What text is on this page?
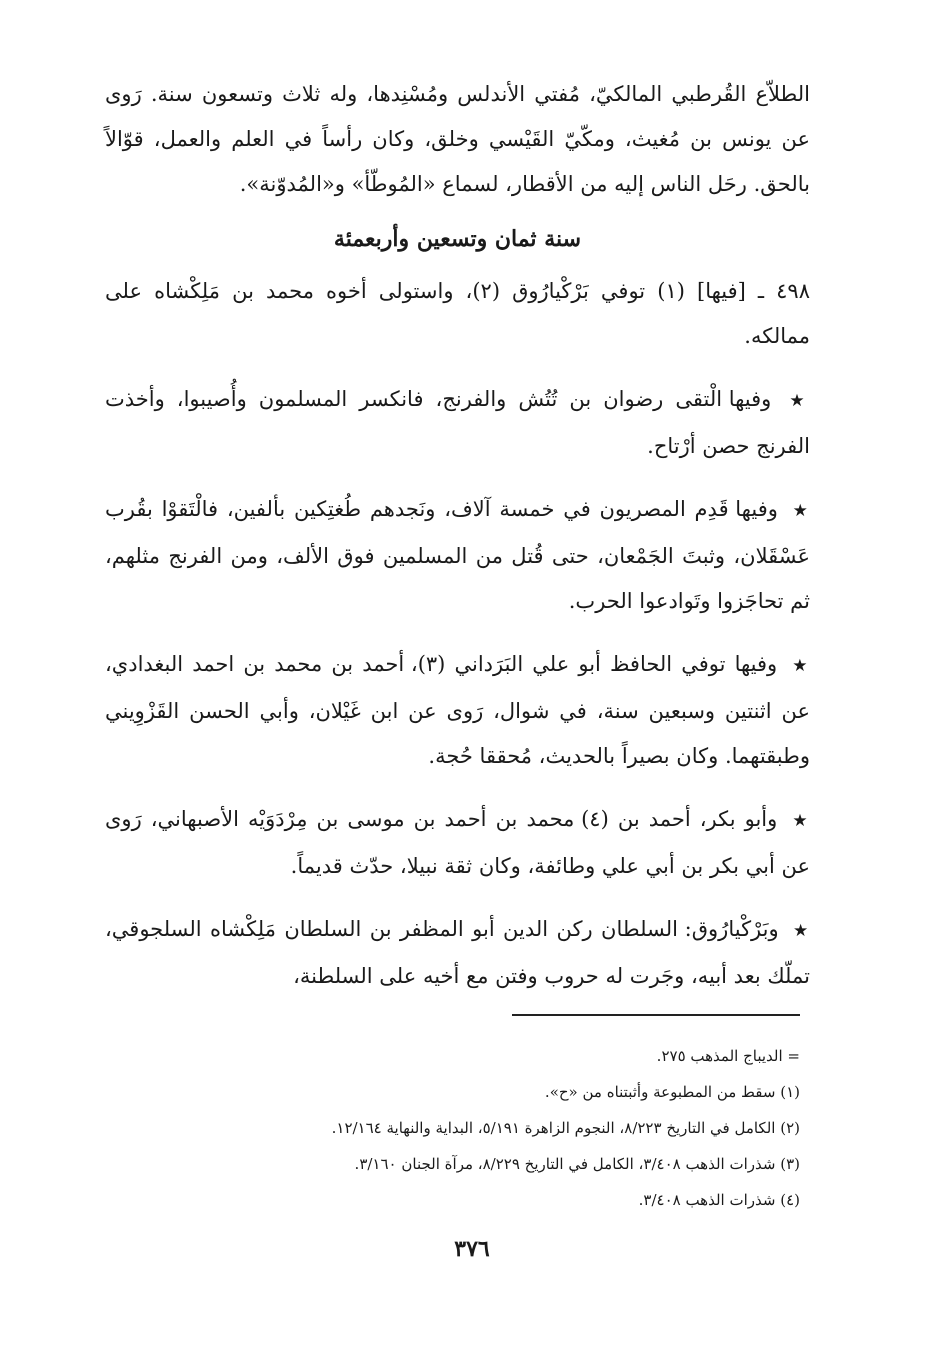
الطلاّع القُرطبي المالكيّ، مُفتي الأندلس ومُسْنِدها، وله ثلاث وتسعون سنة. رَوى عن يونس بن مُغيث، ومكّيّ القَيْسي وخلق، وكان رأساً في العلم والعمل، قوّالاً بالحق. رحَل الناس إليه من الأقطار، لسماع «المُوطّأ» و«المُدوّنة».

سنة ثمان وتسعين وأربعمئة

٤٩٨ ـ [فيها] (١) توفي بَرْكْيارُوق (٢)، واستولى أخوه محمد بن مَلِكْشاه على ممالكه.

★ وفيها الْتقى رضوان بن تُتُش والفرنج، فانكسر المسلمون وأُصيبوا، وأخذت الفرنج حصن أرْتاح.

★ وفيها قَدِم المصريون في خمسة آلاف، ونَجدهم طُغتِكين بألفين، فالْتَقوْا بقُرب عَسْقَلان، وثبتَ الجَمْعان، حتى قُتل من المسلمين فوق الألف، ومن الفرنج مثلهم، ثم تحاجَزوا وتَوادعوا الحرب.

★ وفيها توفي الحافظ أبو علي البَرَداني (٣)، أحمد بن محمد بن احمد البغدادي، عن اثنتين وسبعين سنة، في شوال، رَوى عن ابن غَيْلان، وأبي الحسن القَزْوِيني وطبقتهما. وكان بصيراً بالحديث، مُحققا حُجة.

★ وأبو بكر، أحمد بن (٤) محمد بن أحمد بن موسى بن مِرْدَوَيْه الأصبهاني، رَوى عن أبي بكر بن أبي علي وطائفة، وكان ثقة نبيلا، حدّث قديماً.

★ وبَرْكْيارُوق: السلطان ركن الدين أبو المظفر بن السلطان مَلِكْشاه السلجوقي، تملّك بعد أبيه، وجَرت له حروب وفتن مع أخيه على السلطنة،

= الديباج المذهب ٢٧٥.
(١) سقط من المطبوعة وأثبتناه من «ح».
(٢) الكامل في التاريخ ٨/٢٢٣، النجوم الزاهرة ٥/١٩١، البداية والنهاية ١٢/١٦٤.
(٣) شذرات الذهب ٣/٤٠٨، الكامل في التاريخ ٨/٢٢٩، مرآة الجنان ٣/١٦٠.
(٤) شذرات الذهب ٣/٤٠٨.
٣٧٦
